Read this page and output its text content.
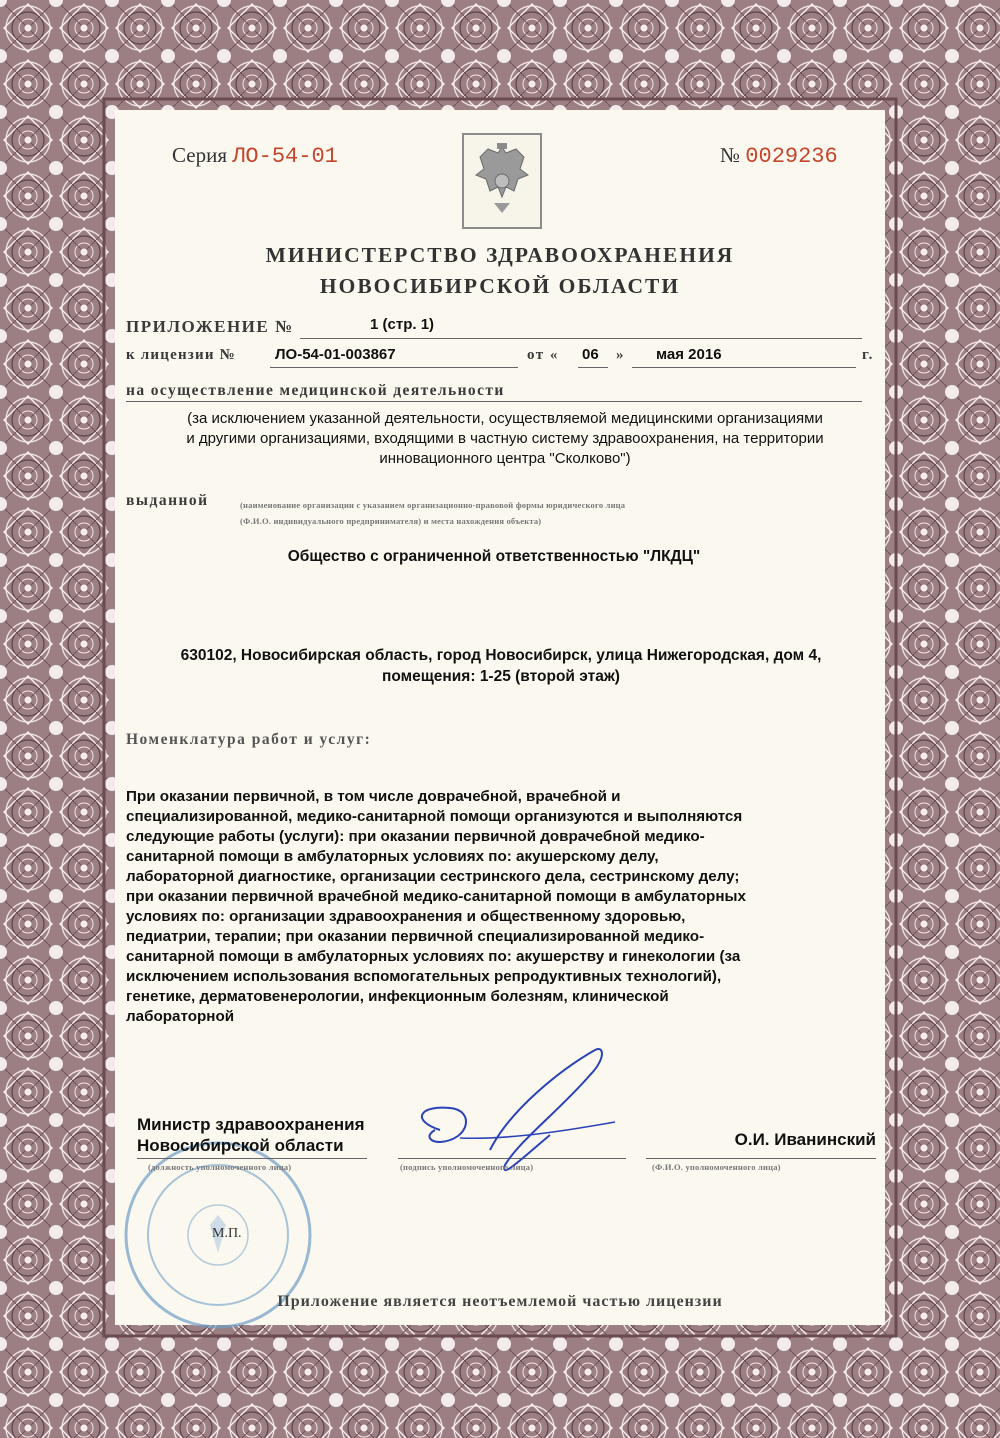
Серия ЛО-54-01	№ 0029236
МИНИСТЕРСТВО ЗДРАВООХРАНЕНИЯ
НОВОСИБИРСКОЙ ОБЛАСТИ
ПРИЛОЖЕНИЕ №	1 (стр. 1)
к лицензии №	ЛО-54-01-003867	от « 06 » мая 2016	г.
на осуществление медицинской деятельности
(за исключением указанной деятельности, осуществляемой медицинскими организациями и другими организациями, входящими в частную систему здравоохранения, на территории инновационного центра "Сколково")
выданной	(наименование организации с указанием организационно-правовой формы юридического лица
(Ф.И.О. индивидуального предпринимателя) и места нахождения объекта)
Общество с ограниченной ответственностью "ЛКДЦ"
630102, Новосибирская область, город Новосибирск, улица Нижегородская, дом 4,
помещения: 1-25 (второй этаж)
Номенклатура работ и услуг:
При оказании первичной, в том числе доврачебной, врачебной и
специализированной, медико-санитарной помощи организуются и выполняются
следующие работы (услуги): при оказании первичной доврачебной медико-
санитарной помощи в амбулаторных условиях по: акушерскому делу,
лабораторной диагностике, организации сестринского дела, сестринскому делу;
при оказании первичной врачебной медико-санитарной помощи в амбулаторных
условиях по: организации здравоохранения и общественному здоровью,
педиатрии, терапии; при оказании первичной специализированной медико-
санитарной помощи в амбулаторных условиях по: акушерству и гинекологии (за
исключением использования вспомогательных репродуктивных технологий),
генетике, дерматовенерологии, инфекционным болезням, клинической
лабораторной
Министр здравоохранения
Новосибирской области	О.И. Иванинский
(должность уполномоченного лица)	(подпись уполномоченного лица)	(Ф.И.О. уполномоченного лица)
М.П.
Приложение является неотъемлемой частью лицензии
